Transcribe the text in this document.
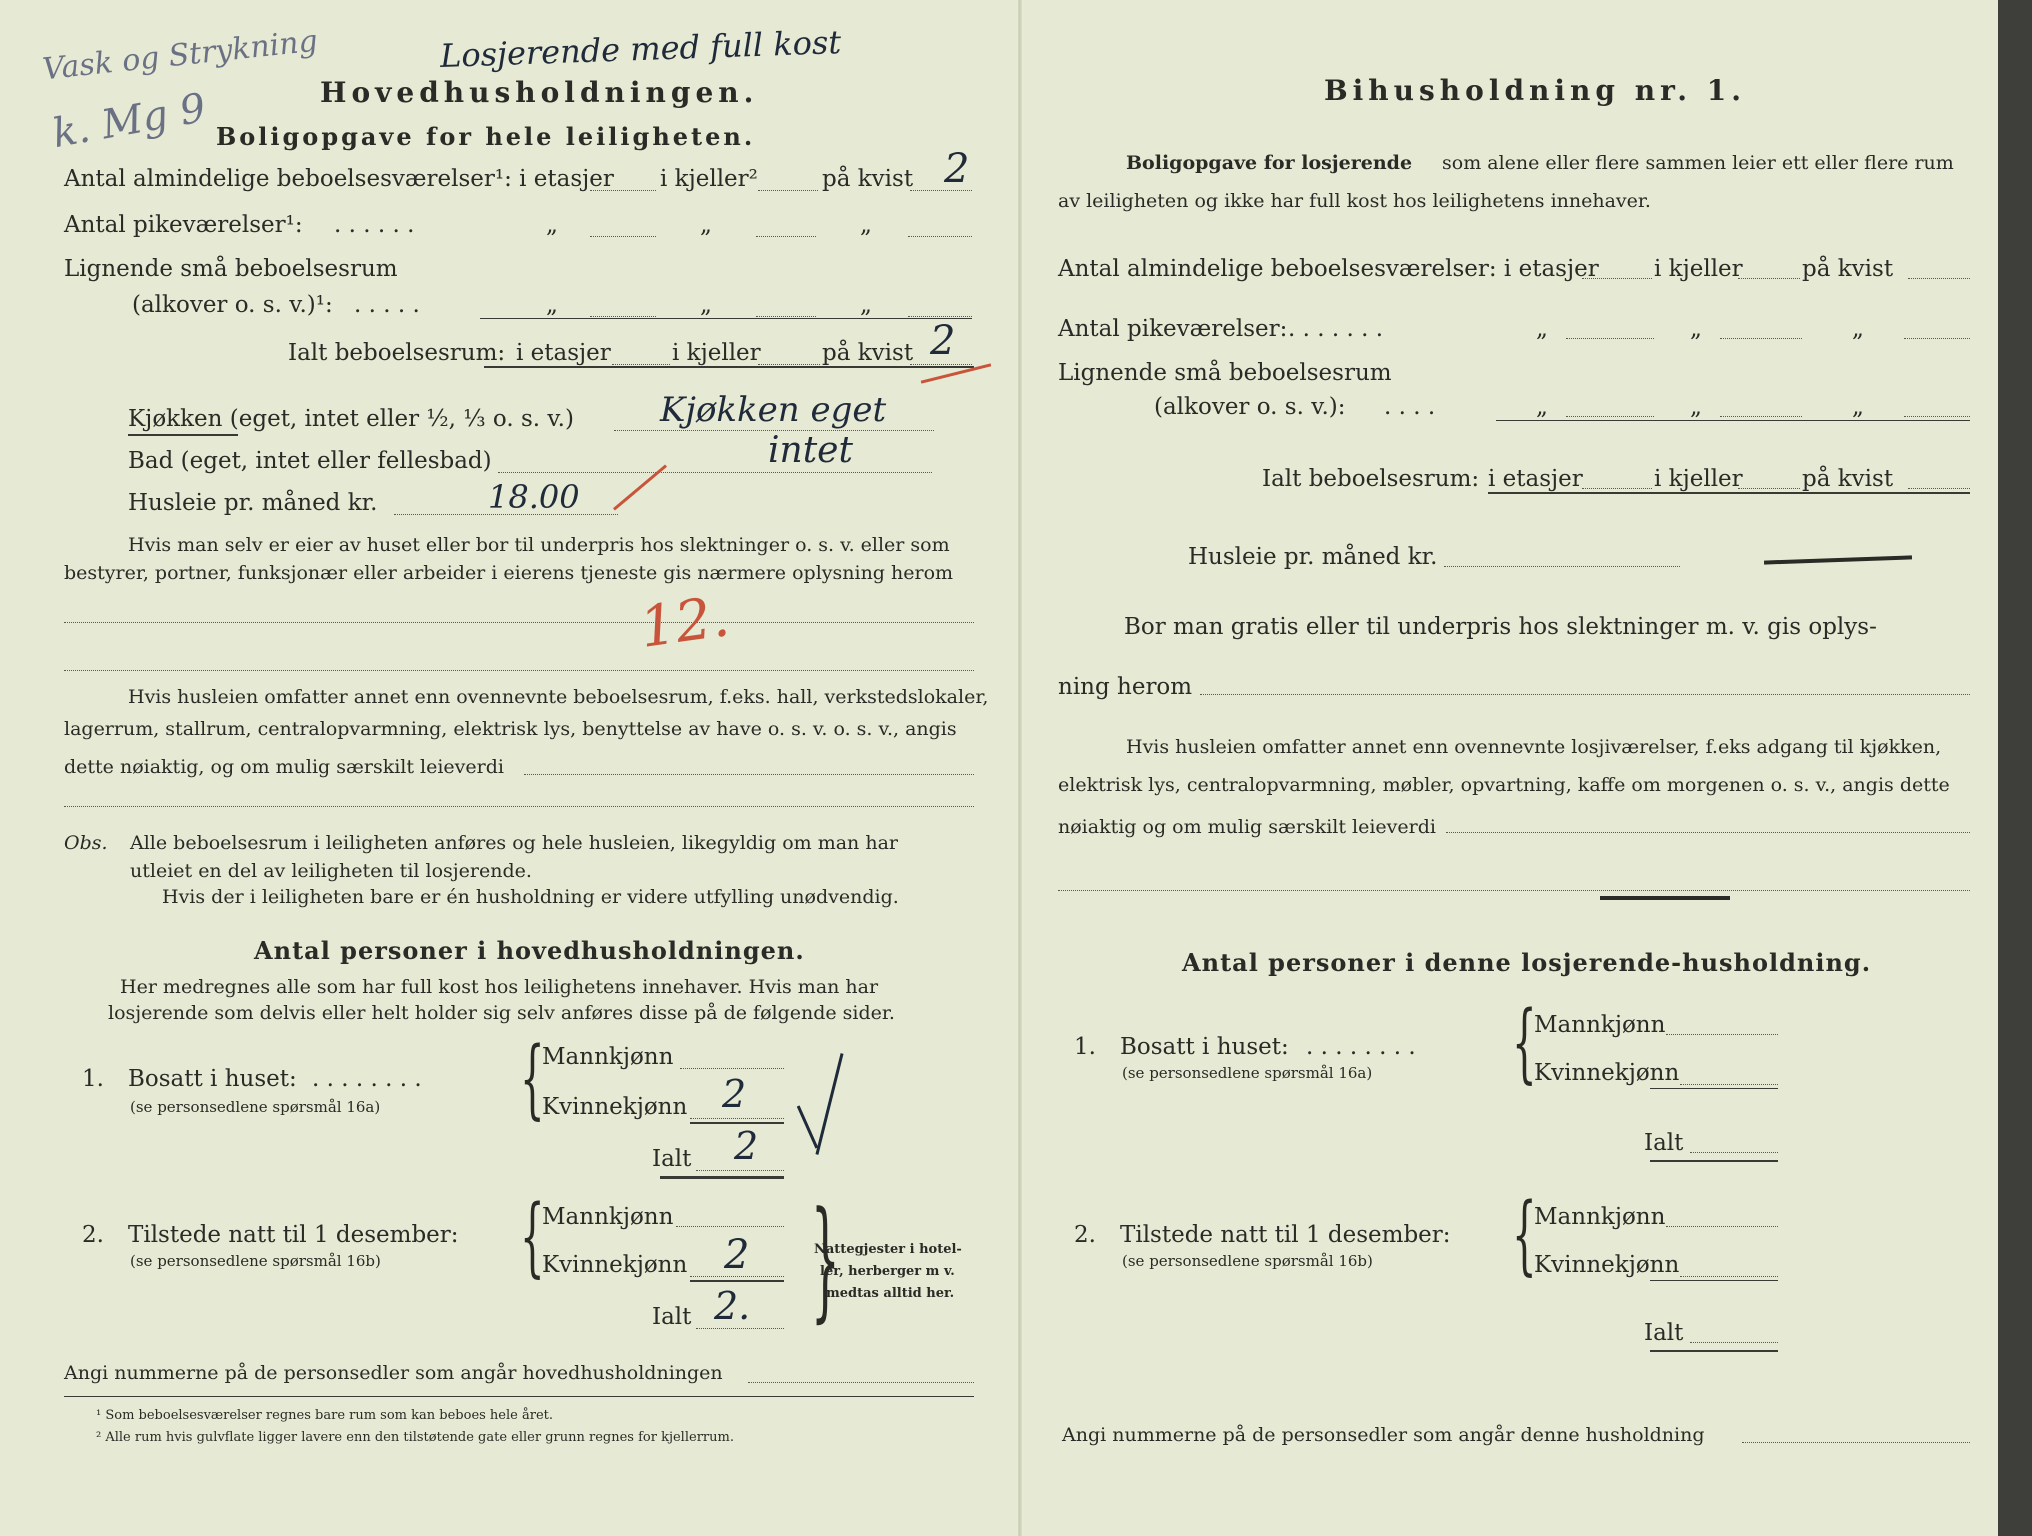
Vask og Strykning	Losjerende med full kost
k. Mg 9	Hovedhusholdningen.
Boligopgave for hele leiligheten.
Antal almindelige beboelsesværelser¹: i etasjer i kjeller²	på kvist 2
Antal pikeværelser¹: . . . . . .	„	„	„
Lignende små beboelsesrum
(alkover o. s. v.)¹: . . . . .	„	„	„
Ialt beboelsesrum: i etasjer	i kjeller	på kvist 2
Kjøkken (eget, intet eller ½, ⅓ o. s. v.)	Kjøkken eget
Bad (eget, intet eller fellesbad)	intet
Husleie pr. måned kr.	18.00
Hvis man selv er eier av huset eller bor til underpris hos slektninger o. s. v. eller som
bestyrer, portner, funksjonær eller arbeider i eierens tjeneste gis nærmere oplysning herom
12.
Hvis husleien omfatter annet enn ovennevnte beboelsesrum, f.eks. hall, verkstedslokaler,
lagerrum, stallrum, centralopvarmning, elektrisk lys, benyttelse av have o. s. v. o. s. v., angis
dette nøiaktig, og om mulig særskilt leieverdi
Obs. Alle beboelsesrum i leiligheten anføres og hele husleien, likegyldig om man har
utleiet en del av leiligheten til losjerende.
Hvis der i leiligheten bare er én husholdning er videre utfylling unødvendig.
Antal personer i hovedhusholdningen.
Her medregnes alle som har full kost hos leilighetens innehaver. Hvis man har
losjerende som delvis eller helt holder sig selv anføres disse på de følgende sider.
1. Bosatt i huset: . . . . . . . .
(se personsedlene spørsmål 16a) {
Mannkjønn
Kvinnekjønn 2
Ialt 2
2. Tilstede natt til 1 desember:
(se personsedlene spørsmål 16b) {
Mannkjønn
Kvinnekjønn 2
Ialt 2. {
Nattegjester i hotel-
ler, herberger m v.
medtas alltid her.
Angi nummerne på de personsedler som angår hovedhusholdningen
¹ Som beboelsesværelser regnes bare rum som kan beboes hele året.
² Alle rum hvis gulvflate ligger lavere enn den tilstøtende gate eller grunn regnes for kjellerrum.
Bihusholdning nr. 1.
Boligopgave for losjerende som alene eller flere sammen leier ett eller flere rum
av leiligheten og ikke har full kost hos leilighetens innehaver.
Antal almindelige beboelsesværelser: i etasjer i kjeller	på kvist
Antal pikeværelser: . . . . . . .	„	„	„
Lignende små beboelsesrum
(alkover o. s. v.): . . . .	„	„	„
Ialt beboelsesrum: i etasjer	i kjeller	på kvist
Husleie pr. måned kr.
Bor man gratis eller til underpris hos slektninger m. v. gis oplys-
ning herom
Hvis husleien omfatter annet enn ovennevnte losjiværelser, f.eks adgang til kjøkken,
elektrisk lys, centralopvarmning, møbler, opvartning, kaffe om morgenen o. s. v., angis dette
nøiaktig og om mulig særskilt leieverdi
Antal personer i denne losjerende-husholdning.
1. Bosatt i huset: . . . . . . . .
(se personsedlene spørsmål 16a) {
Mannkjønn
Kvinnekjønn
Ialt
2. Tilstede natt til 1 desember:
(se personsedlene spørsmål 16b) {
Mannkjønn
Kvinnekjønn
Ialt
Angi nummerne på de personsedler som angår denne husholdning
